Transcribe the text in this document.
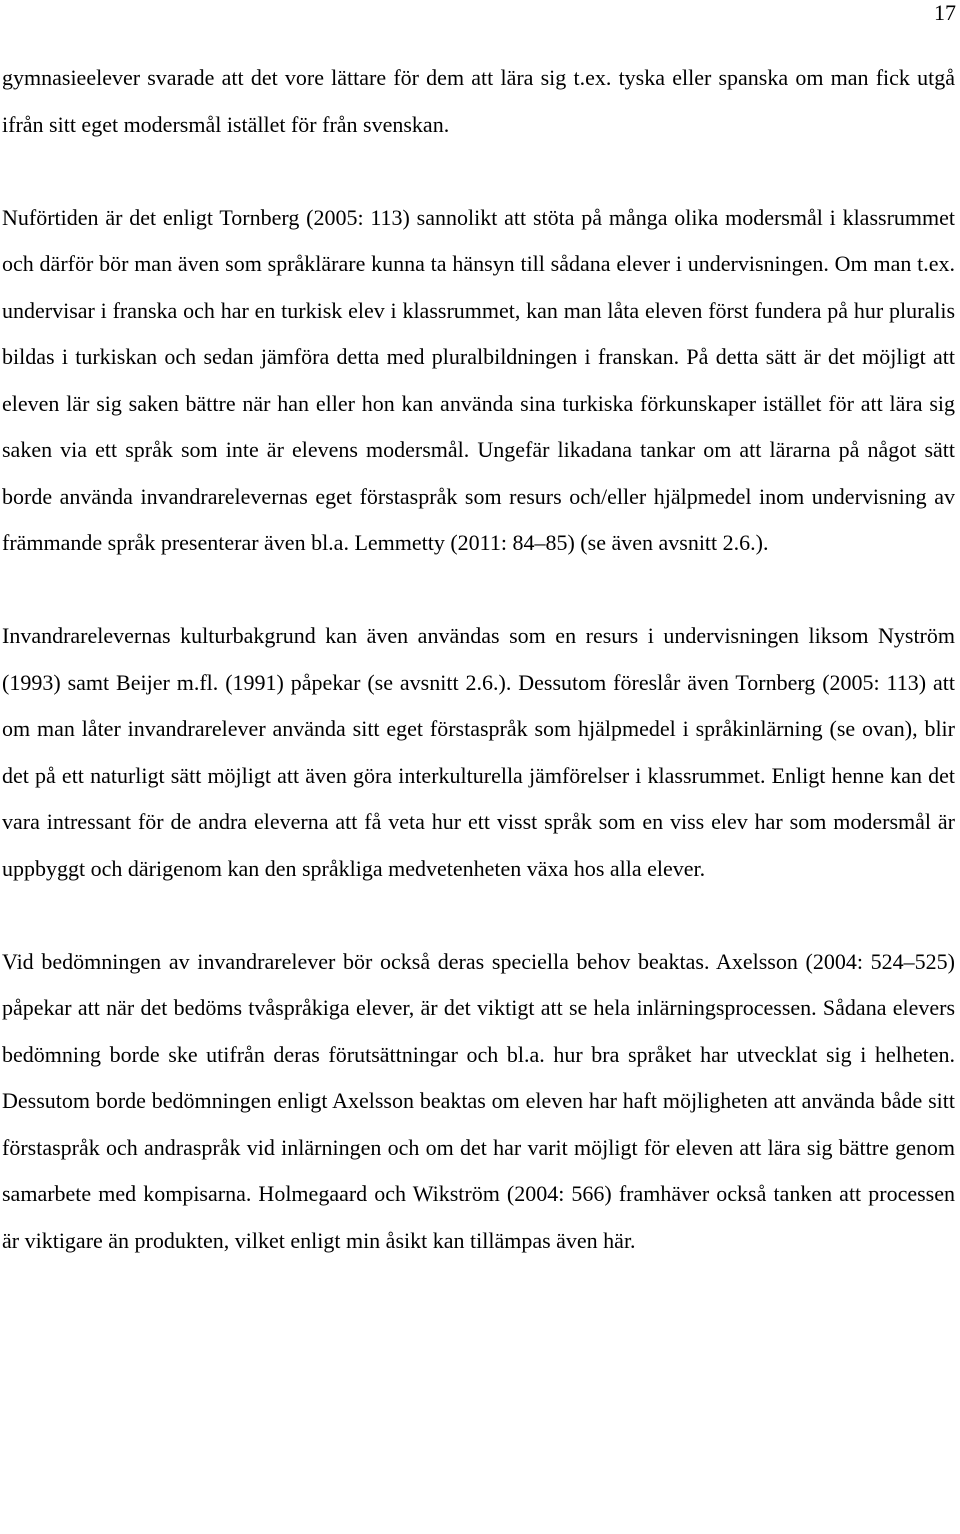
17

gymnasieelever svarade att det vore lättare för dem att lära sig t.ex. tyska eller spanska om man fick utgå ifrån sitt eget modersmål istället för från svenskan.

Nuförtiden är det enligt Tornberg (2005: 113) sannolikt att stöta på många olika modersmål i klassrummet och därför bör man även som språklärare kunna ta hänsyn till sådana elever i undervisningen. Om man t.ex. undervisar i franska och har en turkisk elev i klassrummet, kan man låta eleven först fundera på hur pluralis bildas i turkiskan och sedan jämföra detta med pluralbildningen i franskan. På detta sätt är det möjligt att eleven lär sig saken bättre när han eller hon kan använda sina turkiska förkunskaper istället för att lära sig saken via ett språk som inte är elevens modersmål. Ungefär likadana tankar om att lärarna på något sätt borde använda invandrarelevernas eget förstaspråk som resurs och/eller hjälpmedel inom undervisning av främmande språk presenterar även bl.a. Lemmetty (2011: 84–85) (se även avsnitt 2.6.).

Invandrarelevernas kulturbakgrund kan även användas som en resurs i undervisningen liksom Nyström (1993) samt Beijer m.fl. (1991) påpekar (se avsnitt 2.6.). Dessutom föreslår även Tornberg (2005: 113) att om man låter invandrarelever använda sitt eget förstaspråk som hjälpmedel i språkinlärning (se ovan), blir det på ett naturligt sätt möjligt att även göra interkulturella jämförelser i klassrummet. Enligt henne kan det vara intressant för de andra eleverna att få veta hur ett visst språk som en viss elev har som modersmål är uppbyggt och därigenom kan den språkliga medvetenheten växa hos alla elever.

Vid bedömningen av invandrarelever bör också deras speciella behov beaktas. Axelsson (2004: 524–525) påpekar att när det bedöms tvåspråkiga elever, är det viktigt att se hela inlärningsprocessen. Sådana elevers bedömning borde ske utifrån deras förutsättningar och bl.a. hur bra språket har utvecklat sig i helheten. Dessutom borde bedömningen enligt Axelsson beaktas om eleven har haft möjligheten att använda både sitt förstaspråk och andraspråk vid inlärningen och om det har varit möjligt för eleven att lära sig bättre genom samarbete med kompisarna. Holmegaard och Wikström (2004: 566) framhäver också tanken att processen är viktigare än produkten, vilket enligt min åsikt kan tillämpas även här.
